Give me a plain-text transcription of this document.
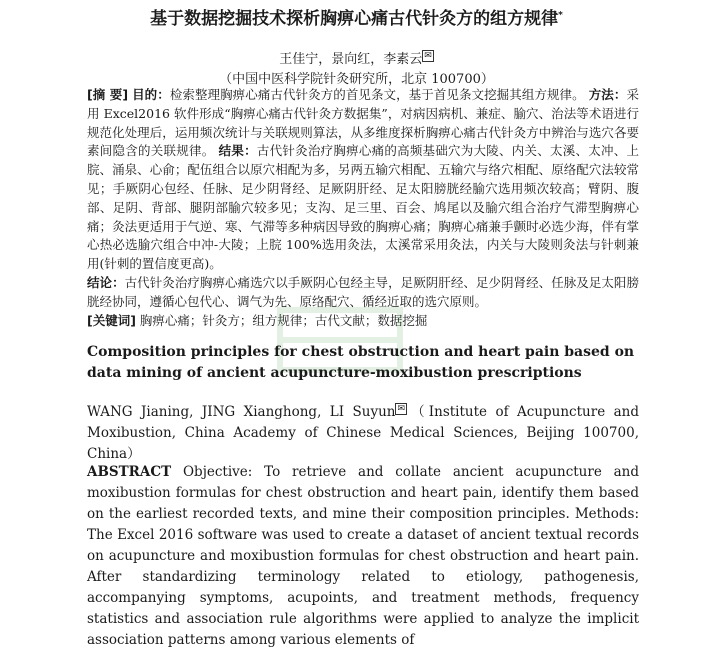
基于数据挖掘技术探析胸痹心痛古代针灸方的组方规律*
王佳宁，景向红，李素云 ✉
（中国中医科学院针灸研究所，北京 100700）
[摘 要] 目的：检索整理胸痹心痛古代针灸方的首见条文，基于首见条文挖掘其组方规律。 方法：采用 Excel2016 软件形成“胸痹心痛古代针灸方数据集”，对病因病机、兼症、腧穴、治法等术语进行规范化处理后，运用频次统计与关联规则算法，从多维度探析胸痹心痛古代针灸方中辨治与选穴各要素间隐含的关联规律。 结果：古代针灸治疗胸痹心痛的高频基础穴为大陵、内关、太溪、太冲、上脘、涌泉、心俞；配伍组合以原穴相配为多，另两五输穴相配、五输穴与络穴相配、原络配穴法较常见；手厥阴心包经、任脉、足少阴肾经、足厥阴肝经、足太阳膀胱经腧穴选用频次较高；臂阴、腹部、足阴、背部、腿阴部腧穴较多见；支沟、足三里、百会、鸠尾以及腧穴组合治疗气滞型胸痹心痛；灸法更适用于气逆、寒、气滞等多种病因导致的胸痹心痛；胸痹心痛兼手颤时必选少海，伴有掌心热必选腧穴组合中冲-大陵；上脘 100%选用灸法，太溪常采用灸法，内关与大陵则灸法与针刺兼用(针刺的置信度更高)。
结论：古代针灸治疗胸痹心痛选穴以手厥阴心包经主导，足厥阴肝经、足少阴肾经、任脉及足太阳膀胱经协同，遵循心包代心、调气为先、原络配穴、循经近取的选穴原则。
[关键词] 胸痹心痛；针灸方；组方规律；古代文献；数据挖掘
Composition principles for chest obstruction and heart pain based on data mining of ancient acupuncture-moxibustion prescriptions
WANG Jianing, JING Xianghong, LI Suyun ✉ （Institute of Acupuncture and Moxibustion, China Academy of Chinese Medical Sciences, Beijing 100700, China）
ABSTRACT Objective: To retrieve and collate ancient acupuncture and moxibustion formulas for chest obstruction and heart pain, identify them based on the earliest recorded texts, and mine their composition principles. Methods: The Excel 2016 software was used to create a dataset of ancient textual records on acupuncture and moxibustion formulas for chest obstruction and heart pain. After standardizing terminology related to etiology, pathogenesis, accompanying symptoms, acupoints, and treatment methods, frequency statistics and association rule algorithms were applied to analyze the implicit association patterns among various elements of
